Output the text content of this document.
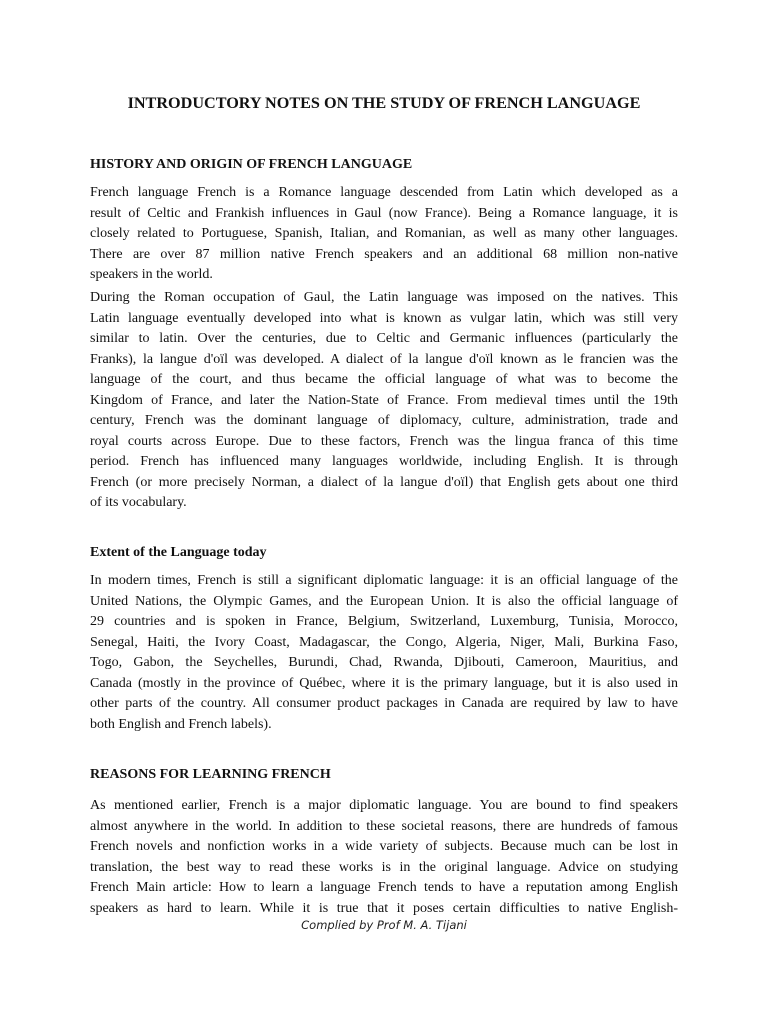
INTRODUCTORY NOTES ON THE STUDY OF FRENCH LANGUAGE
HISTORY AND ORIGIN OF FRENCH LANGUAGE

French language French is a Romance language descended from Latin which developed as a
result of Celtic and Frankish influences in Gaul (now France). Being a Romance language, it is
closely related to Portuguese, Spanish, Italian, and Romanian, as well as many other languages.
There are over 87 million native French speakers and an additional 68 million non-native
speakers in the world.

During the Roman occupation of Gaul, the Latin language was imposed on the natives. This
Latin language eventually developed into what is known as vulgar latin, which was still very
similar to latin. Over the centuries, due to Celtic and Germanic influences (particularly the
Franks), la langue d'oïl was developed. A dialect of la langue d'oïl known as le francien was the
language of the court, and thus became the official language of what was to become the
Kingdom of France, and later the Nation-State of France. From medieval times until the 19th
century, French was the dominant language of diplomacy, culture, administration, trade and
royal courts across Europe. Due to these factors, French was the lingua franca of this time
period. French has influenced many languages worldwide, including English. It is through
French (or more precisely Norman, a dialect of la langue d'oïl) that English gets about one third
of its vocabulary.

Extent of the Language today

In modern times, French is still a significant diplomatic language: it is an official language of the
United Nations, the Olympic Games, and the European Union. It is also the official language of
29 countries and is spoken in France, Belgium, Switzerland, Luxemburg, Tunisia, Morocco,
Senegal, Haiti, the Ivory Coast, Madagascar, the Congo, Algeria, Niger, Mali, Burkina Faso,
Togo, Gabon, the Seychelles, Burundi, Chad, Rwanda, Djibouti, Cameroon, Mauritius, and
Canada (mostly in the province of Québec, where it is the primary language, but it is also used in
other parts of the country. All consumer product packages in Canada are required by law to have
both English and French labels).

REASONS FOR LEARNING FRENCH

As mentioned earlier, French is a major diplomatic language. You are bound to find speakers
almost anywhere in the world. In addition to these societal reasons, there are hundreds of famous
French novels and nonfiction works in a wide variety of subjects. Because much can be lost in
translation, the best way to read these works is in the original language. Advice on studying
French Main article: How to learn a language French tends to have a reputation among English
speakers as hard to learn. While it is true that it poses certain difficulties to native English-

Complied by Prof M. A. Tijani
